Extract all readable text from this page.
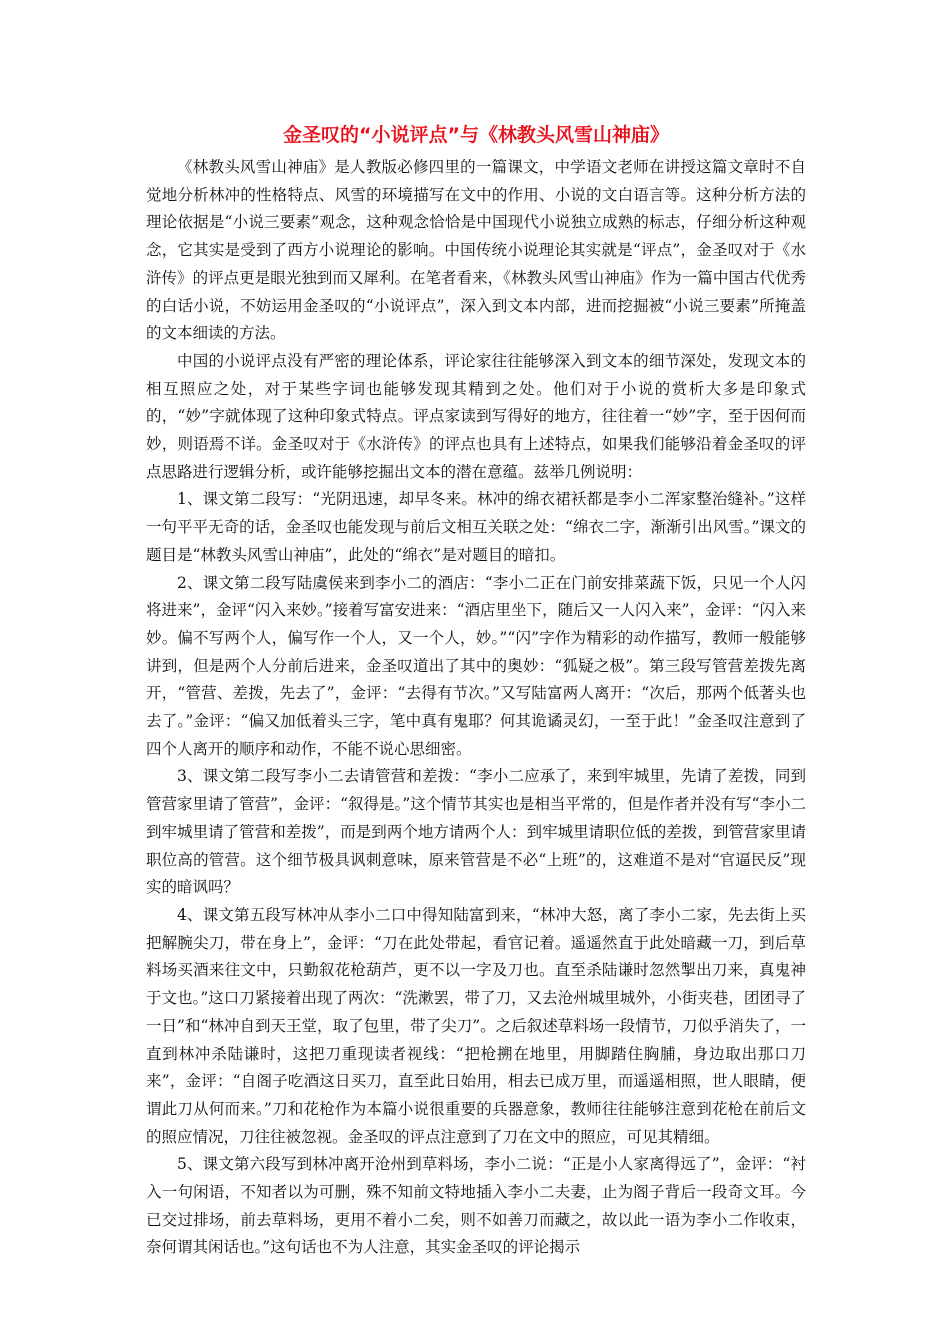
金圣叹的“小说评点”与《林教头风雪山神庙》

《林教头风雪山神庙》是人教版必修四里的一篇课文，中学语文老师在讲授这篇文章时不自觉地分析林冲的性格特点、风雪的环境描写在文中的作用、小说的文白语言等。这种分析方法的理论依据是“小说三要素”观念，这种观念恰恰是中国现代小说独立成熟的标志，仔细分析这种观念，它其实是受到了西方小说理论的影响。中国传统小说理论其实就是“评点”，金圣叹对于《水浒传》的评点更是眼光独到而又犀利。在笔者看来，《林教头风雪山神庙》作为一篇中国古代优秀的白话小说，不妨运用金圣叹的“小说评点”，深入到文本内部，进而挖掘被“小说三要素”所掩盖的文本细读的方法。

中国的小说评点没有严密的理论体系，评论家往往能够深入到文本的细节深处，发现文本的相互照应之处，对于某些字词也能够发现其精到之处。他们对于小说的赏析大多是印象式的，“妙”字就体现了这种印象式特点。评点家读到写得好的地方，往往着一“妙”字，至于因何而妙，则语焉不详。金圣叹对于《水浒传》的评点也具有上述特点，如果我们能够沿着金圣叹的评点思路进行逻辑分析，或许能够挖掘出文本的潜在意蕴。兹举几例说明：

1、课文第二段写：“光阴迅速，却早冬来。林冲的绵衣裙袄都是李小二浑家整治缝补。”这样一句平平无奇的话，金圣叹也能发现与前后文相互关联之处：“绵衣二字，渐渐引出风雪。”课文的题目是“林教头风雪山神庙”，此处的“绵衣”是对题目的暗扣。

2、课文第二段写陆虞侯来到李小二的酒店：“李小二正在门前安排菜蔬下饭，只见一个人闪将进来”，金评“闪入来妙。”接着写富安进来：“酒店里坐下，随后又一人闪入来”，金评：“闪入来妙。偏不写两个人，偏写作一个人，又一个人，妙。”“闪”字作为精彩的动作描写，教师一般能够讲到，但是两个人分前后进来，金圣叹道出了其中的奥妙：“狐疑之极”。第三段写管营差拨先离开，“管营、差拨，先去了”，金评：“去得有节次。”又写陆富两人离开：“次后，那两个低著头也去了。”金评：“偏又加低着头三字，笔中真有鬼耶？何其诡谲灵幻，一至于此！”金圣叹注意到了四个人离开的顺序和动作，不能不说心思细密。

3、课文第二段写李小二去请管营和差拨：“李小二应承了，来到牢城里，先请了差拨，同到管营家里请了管营”，金评：“叙得是。”这个情节其实也是相当平常的，但是作者并没有写“李小二到牢城里请了管营和差拨”，而是到两个地方请两个人：到牢城里请职位低的差拨，到管营家里请职位高的管营。这个细节极具讽刺意味，原来管营是不必“上班”的，这难道不是对“官逼民反”现实的暗讽吗？

4、课文第五段写林冲从李小二口中得知陆富到来，“林冲大怒，离了李小二家，先去街上买把解腕尖刀，带在身上”，金评：“刀在此处带起，看官记着。遥遥然直于此处暗藏一刀，到后草料场买酒来往文中，只勤叙花枪葫芦，更不以一字及刀也。直至杀陆谦时忽然掣出刀来，真鬼神于文也。”这口刀紧接着出现了两次：“洗漱罢，带了刀，又去沧州城里城外，小街夹巷，团团寻了一日”和“林冲自到天王堂，取了包里，带了尖刀”。之后叙述草料场一段情节，刀似乎消失了，一直到林冲杀陆谦时，这把刀重现读者视线：“把枪搠在地里，用脚踏住胸脯，身边取出那口刀来”，金评：“自阁子吃酒这日买刀，直至此日始用，相去已成万里，而遥遥相照，世人眼睛，便谓此刀从何而来。”刀和花枪作为本篇小说很重要的兵器意象，教师往往能够注意到花枪在前后文的照应情况，刀往往被忽视。金圣叹的评点注意到了刀在文中的照应，可见其精细。

5、课文第六段写到林冲离开沧州到草料场，李小二说：“正是小人家离得远了”，金评：“衬入一句闲语，不知者以为可删，殊不知前文特地插入李小二夫妻，止为阁子背后一段奇文耳。今已交过排场，前去草料场，更用不着小二矣，则不如善刀而藏之，故以此一语为李小二作收束，奈何谓其闲话也。”这句话也不为人注意，其实金圣叹的评论揭示
